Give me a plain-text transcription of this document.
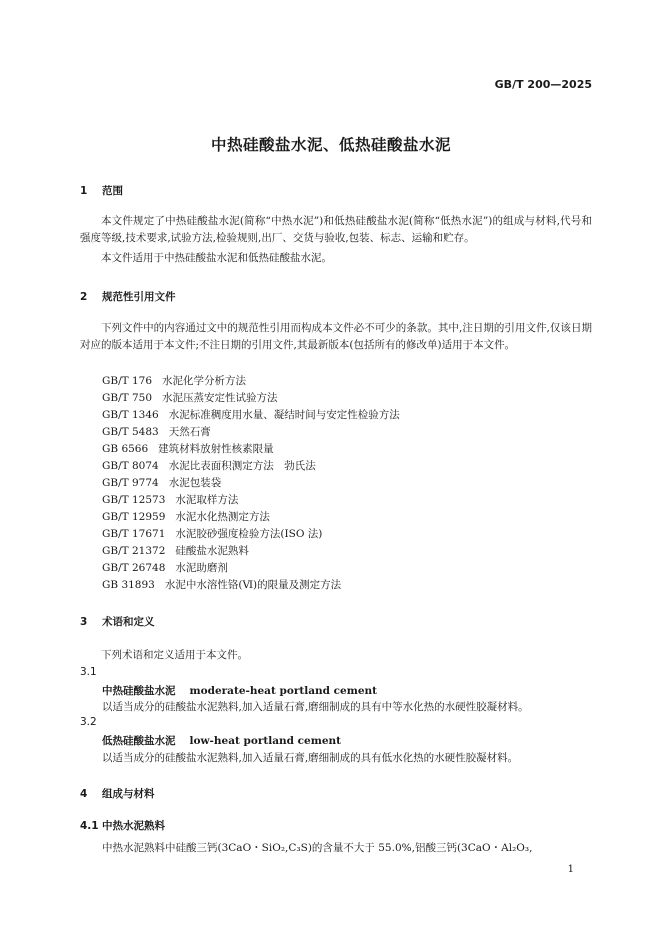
GB/T 200—2025
中热硅酸盐水泥、低热硅酸盐水泥
1 范围
本文件规定了中热硅酸盐水泥(简称“中热水泥”)和低热硅酸盐水泥(简称“低热水泥”)的组成与材料,代号和强度等级,技术要求,试验方法,检验规则,出厂、交货与验收,包装、标志、运输和贮存。
本文件适用于中热硅酸盐水泥和低热硅酸盐水泥。
2 规范性引用文件
下列文件中的内容通过文中的规范性引用而构成本文件必不可少的条款。其中,注日期的引用文件,仅该日期对应的版本适用于本文件;不注日期的引用文件,其最新版本(包括所有的修改单)适用于本文件。
GB/T 176 水泥化学分析方法
GB/T 750 水泥压蒸安定性试验方法
GB/T 1346 水泥标准稠度用水量、凝结时间与安定性检验方法
GB/T 5483 天然石膏
GB 6566 建筑材料放射性核素限量
GB/T 8074 水泥比表面积测定方法　勃氏法
GB/T 9774 水泥包装袋
GB/T 12573 水泥取样方法
GB/T 12959 水泥水化热测定方法
GB/T 17671 水泥胶砂强度检验方法(ISO 法)
GB/T 21372 硅酸盐水泥熟料
GB/T 26748 水泥助磨剂
GB 31893 水泥中水溶性铬(Ⅵ)的限量及测定方法
3 术语和定义
下列术语和定义适用于本文件。
3.1
中热硅酸盐水泥 moderate-heat portland cement
以适当成分的硅酸盐水泥熟料,加入适量石膏,磨细制成的具有中等水化热的水硬性胶凝材料。
3.2
低热硅酸盐水泥 low-heat portland cement
以适当成分的硅酸盐水泥熟料,加入适量石膏,磨细制成的具有低水化热的水硬性胶凝材料。
4 组成与材料
4.1 中热水泥熟料
中热水泥熟料中硅酸三钙(3CaO・SiO₂,C₃S)的含量不大于 55.0%,铝酸三钙(3CaO・Al₂O₃,
1
